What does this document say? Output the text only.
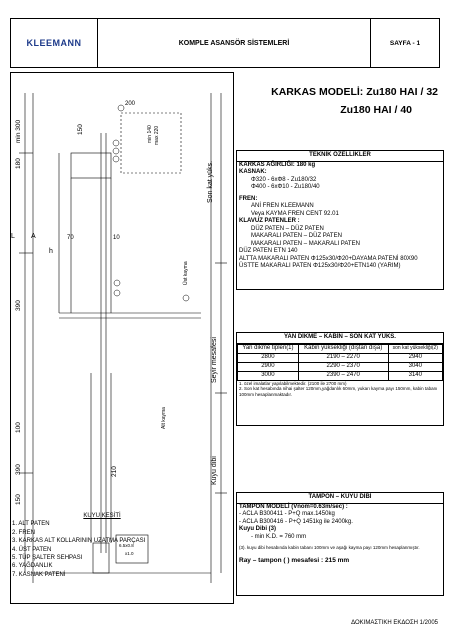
KLEEMANN	KOMPLE ASANSÖR SİSTEMLERİ	SAYFA - 1
KARKAS MODELİ: Zu180 HAI / 32
Zu180 HAI / 40
200
min 300	150	min 140 max 220
180
L A
h
70	10
390
100
390
150
210
Son kat yüks.
Üst kayma
Seyir mesafesi
Alt kayma
Kuyu dibi
6.5x0.8
x1.0
TEKNİK ÖZELLİKLER
KARKAS AĞIRLIĞI: 180 kg
KASNAK:
Φ320 - 6xΦ8 - Zu180/32
Φ400 - 6xΦ10 - Zu180/40
FREN:
ANİ FREN KLEEMANN
Veya KAYMA FREN CENT 92.01
KLAVUZ PATENLER :
DÜZ PATEN – DÜZ PATEN
MAKARALI PATEN – DÜZ PATEN
MAKARALI PATEN – MAKARALI PATEN
DÜZ PATEN ETN 140
ALTTA MAKARALI PATEN Φ125x30/Φ20+DAYAMA PATENİ 80X90
ÜSTTE MAKARALI PATEN Φ125x30/Φ20+ETN140 (YARIM)
YAN DİKME – KABİN – SON KAT YÜKS.
Yan dikme tipleri(1)	Kabin yüksekliği (dıştan dışa)	son kat yüksekliği(2)
2800	2190 – 2270	2940
2900	2290 – 2370	3040
3000	2390 – 2470	3140
1. özel imalatlar yapılabilmektedir. (2100 ile 2700 mm)
2. Son kat hesabında nihai şalter 120mm,yağdanlık 60mm, yukarı kayma payı 150mm, kabin tabanı 100mm hesaplanmaktadır.
TAMPON – KUYU DİBİ
TAMPON MODELİ (Vnom=0.63m/sec) :
- ACLA B300411 - P+Q max.1450kg
- ACLA B300416 - P+Q 1451kg ile 2400kg.
Kuyu Dibi (3)
- min K.D. = 760 mm
(3). kuyu dibi hesabında kabin tabanı 100mm ve aşağı kayma payı 120mm hesaplanmıştır.
Ray – tampon ( ) mesafesi : 215 mm
KUYU KESİTİ
1. ALT PATEN
2. FREN
3. KARKAS ALT KOLLARININ UZATMA PARÇASI
4. ÜST PATEN
5. TÜP ŞALTER SEHPASI
6. YAĞDANLIK
7. KASNAK PATENİ
ΔΟΚΙΜΑΣΤΙΚΗ ΕΚΔΟΣΗ 1/2005
